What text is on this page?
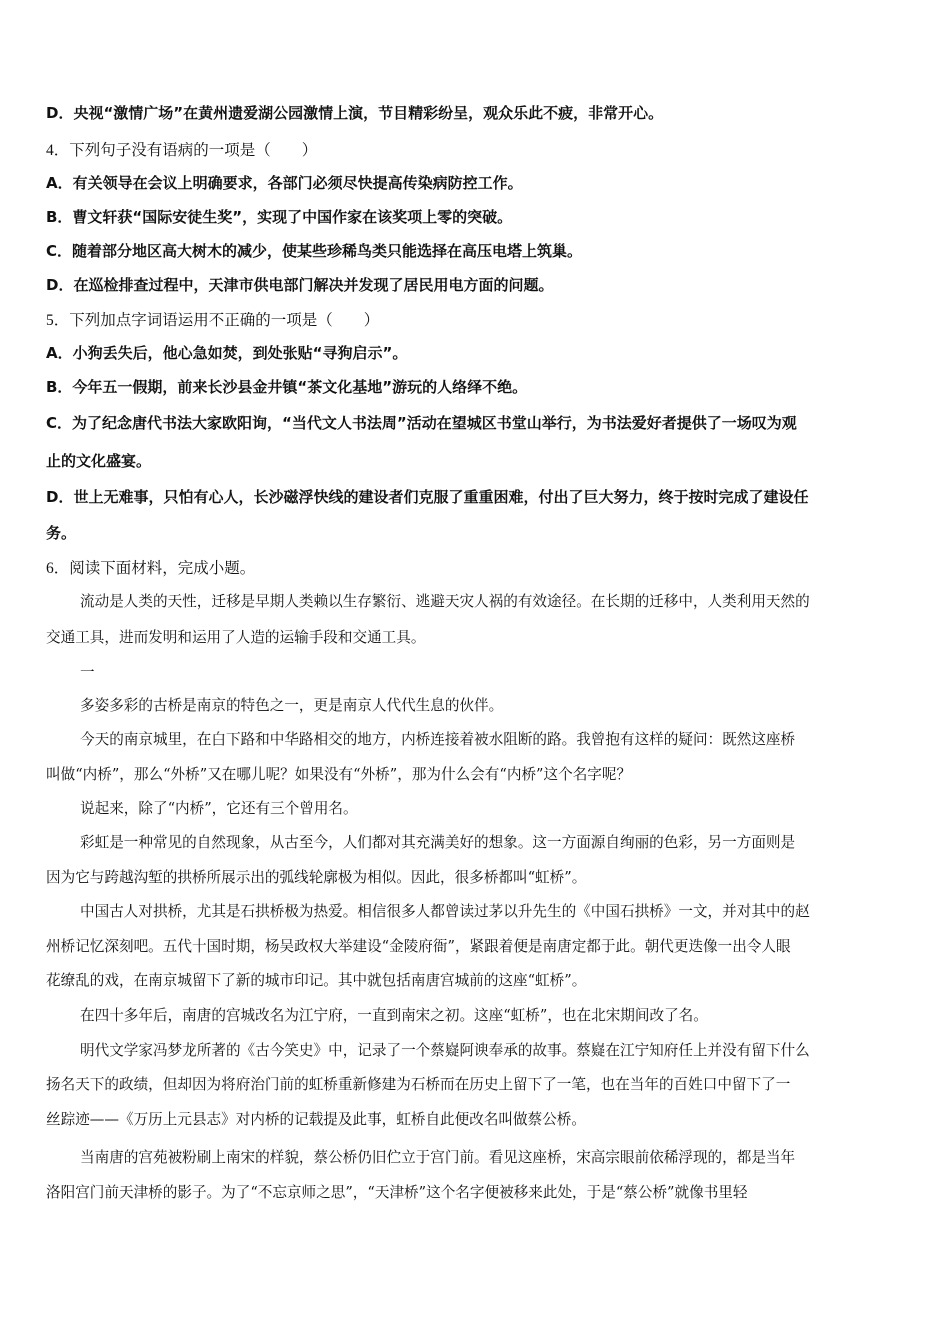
D．央视“激情广场”在黄州遗爱湖公园激情上演，节目精彩纷呈，观众乐此不疲，非常开心。
4．下列句子没有语病的一项是（　　）
A．有关领导在会议上明确要求，各部门必须尽快提高传染病防控工作。
B．曹文轩获“国际安徒生奖”，实现了中国作家在该奖项上零的突破。
C．随着部分地区高大树木的减少，使某些珍稀鸟类只能选择在高压电塔上筑巢。
D．在巡检排查过程中，天津市供电部门解决并发现了居民用电方面的问题。
5．下列加点字词语运用不正确的一项是（　　）
A．小狗丢失后，他心急如焚，到处张贴“寻狗启示”。
B．今年五一假期，前来长沙县金井镇“茶文化基地”游玩的人络绎不绝。
C．为了纪念唐代书法大家欧阳询，“当代文人书法周”活动在望城区书堂山举行，为书法爱好者提供了一场叹为观
止的文化盛宴。
D．世上无难事，只怕有心人，长沙磁浮快线的建设者们克服了重重困难，付出了巨大努力，终于按时完成了建设任
务。
6．阅读下面材料，完成小题。
流动是人类的天性，迁移是早期人类赖以生存繁衍、逃避天灾人祸的有效途径。在长期的迁移中，人类利用天然的
交通工具，进而发明和运用了人造的运输手段和交通工具。
一
多姿多彩的古桥是南京的特色之一，更是南京人代代生息的伙伴。
今天的南京城里，在白下路和中华路相交的地方，内桥连接着被水阻断的路。我曾抱有这样的疑问：既然这座桥
叫做“内桥”，那么“外桥”又在哪儿呢？如果没有“外桥”，那为什么会有“内桥”这个名字呢？
说起来，除了“内桥”，它还有三个曾用名。
彩虹是一种常见的自然现象，从古至今，人们都对其充满美好的想象。这一方面源自绚丽的色彩，另一方面则是
因为它与跨越沟堑的拱桥所展示出的弧线轮廓极为相似。因此，很多桥都叫“虹桥”。
中国古人对拱桥，尤其是石拱桥极为热爱。相信很多人都曾读过茅以升先生的《中国石拱桥》一文，并对其中的赵
州桥记忆深刻吧。五代十国时期，杨吴政权大举建设“金陵府衙”，紧跟着便是南唐定都于此。朝代更迭像一出令人眼
花缭乱的戏，在南京城留下了新的城市印记。其中就包括南唐宫城前的这座“虹桥”。
在四十多年后，南唐的宫城改名为江宁府，一直到南宋之初。这座“虹桥”，也在北宋期间改了名。
明代文学家冯梦龙所著的《古今笑史》中，记录了一个蔡嶷阿谀奉承的故事。蔡嶷在江宁知府任上并没有留下什么
扬名天下的政绩，但却因为将府治门前的虹桥重新修建为石桥而在历史上留下了一笔，也在当年的百姓口中留下了一
丝踪迹——《万历上元县志》对内桥的记载提及此事，虹桥自此便改名叫做蔡公桥。
当南唐的宫苑被粉刷上南宋的样貌，蔡公桥仍旧伫立于宫门前。看见这座桥，宋高宗眼前依稀浮现的，都是当年
洛阳宫门前天津桥的影子。为了“不忘京师之思”，“天津桥”这个名字便被移来此处，于是“蔡公桥”就像书里轻
